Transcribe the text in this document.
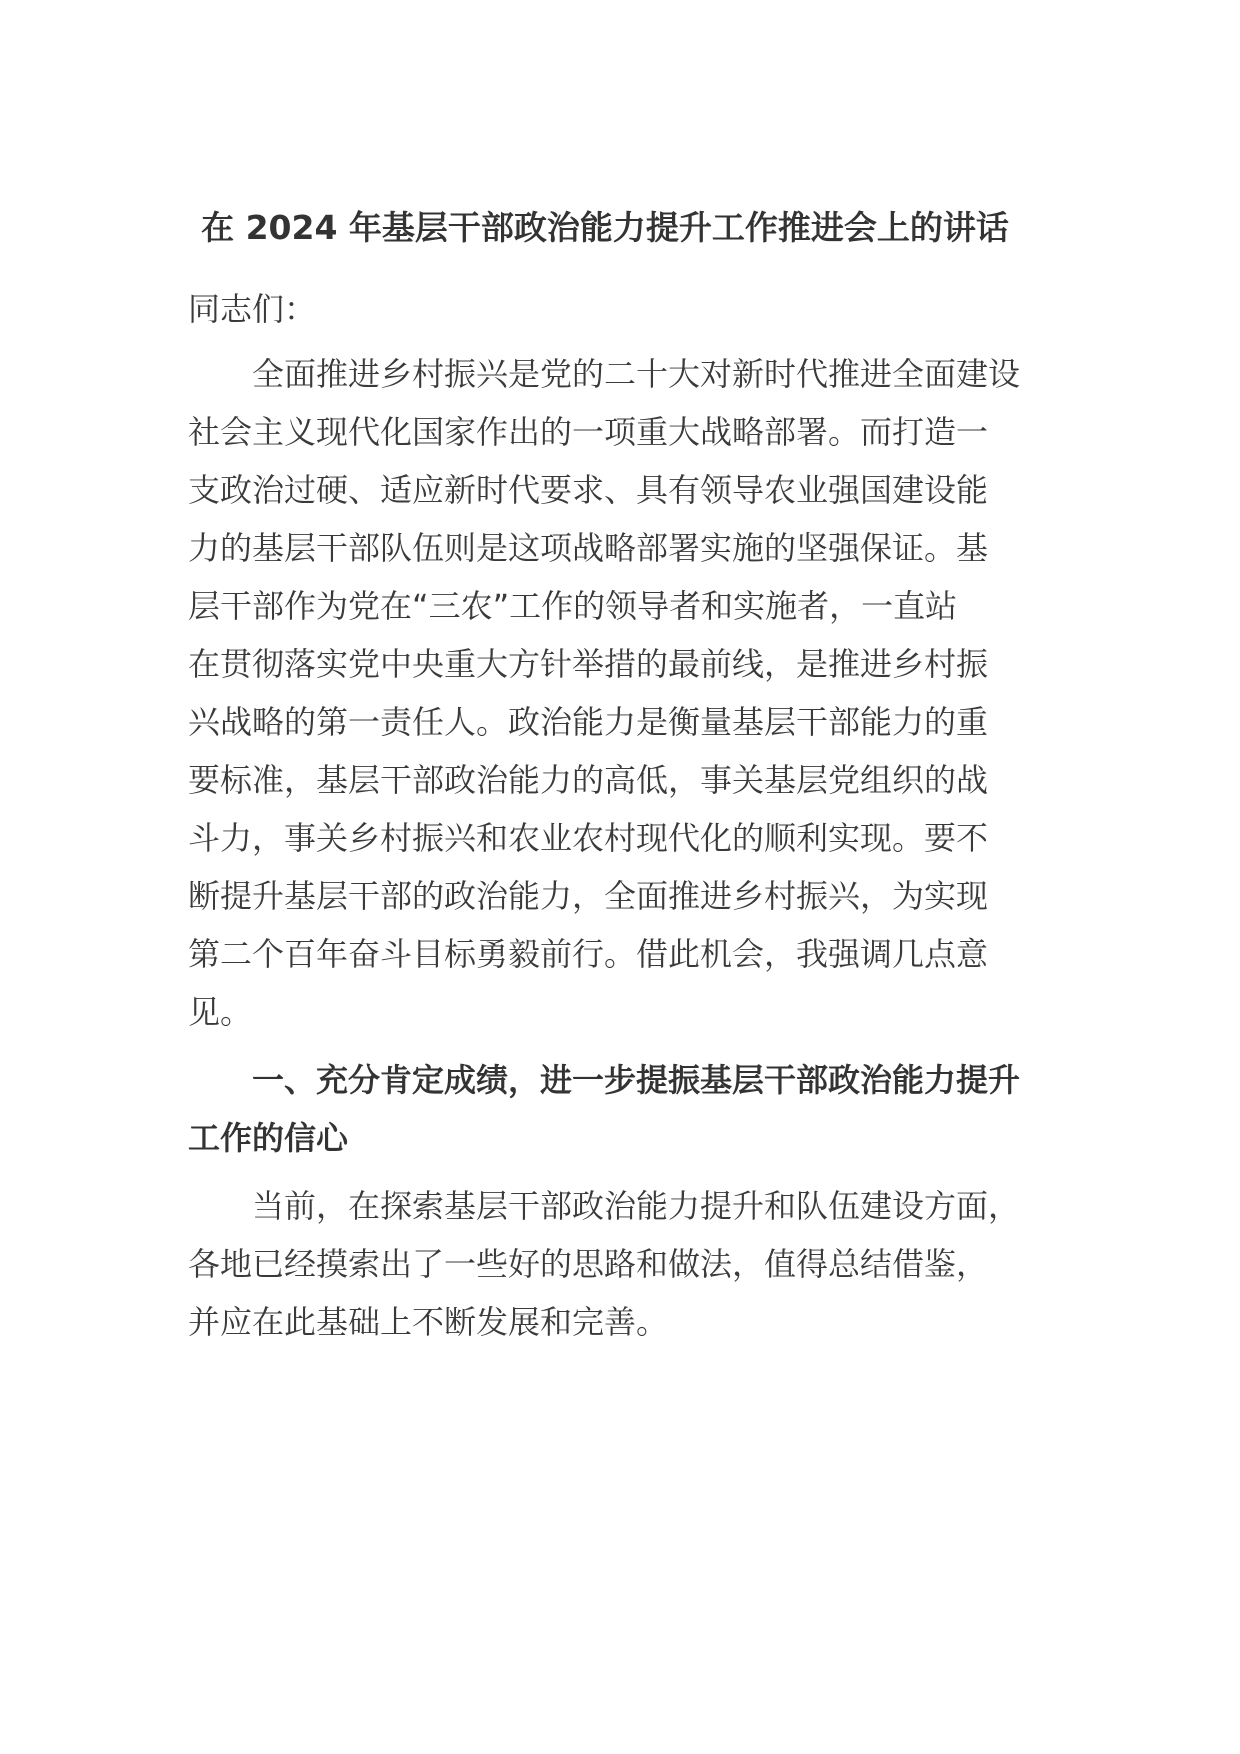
在 2024 年基层干部政治能力提升工作推进会上的讲话

同志们：

　　全面推进乡村振兴是党的二十大对新时代推进全面建设

社会主义现代化国家作出的一项重大战略部署。而打造一

支政治过硬、适应新时代要求、具有领导农业强国建设能

力的基层干部队伍则是这项战略部署实施的坚强保证。基

层干部作为党在“三农”工作的领导者和实施者，一直站

在贯彻落实党中央重大方针举措的最前线，是推进乡村振

兴战略的第一责任人。政治能力是衡量基层干部能力的重

要标准，基层干部政治能力的高低，事关基层党组织的战

斗力，事关乡村振兴和农业农村现代化的顺利实现。要不

断提升基层干部的政治能力，全面推进乡村振兴，为实现

第二个百年奋斗目标勇毅前行。借此机会，我强调几点意

见。

　　一、充分肯定成绩，进一步提振基层干部政治能力提升

工作的信心

　　当前，在探索基层干部政治能力提升和队伍建设方面，

各地已经摸索出了一些好的思路和做法，值得总结借鉴，

并应在此基础上不断发展和完善。
